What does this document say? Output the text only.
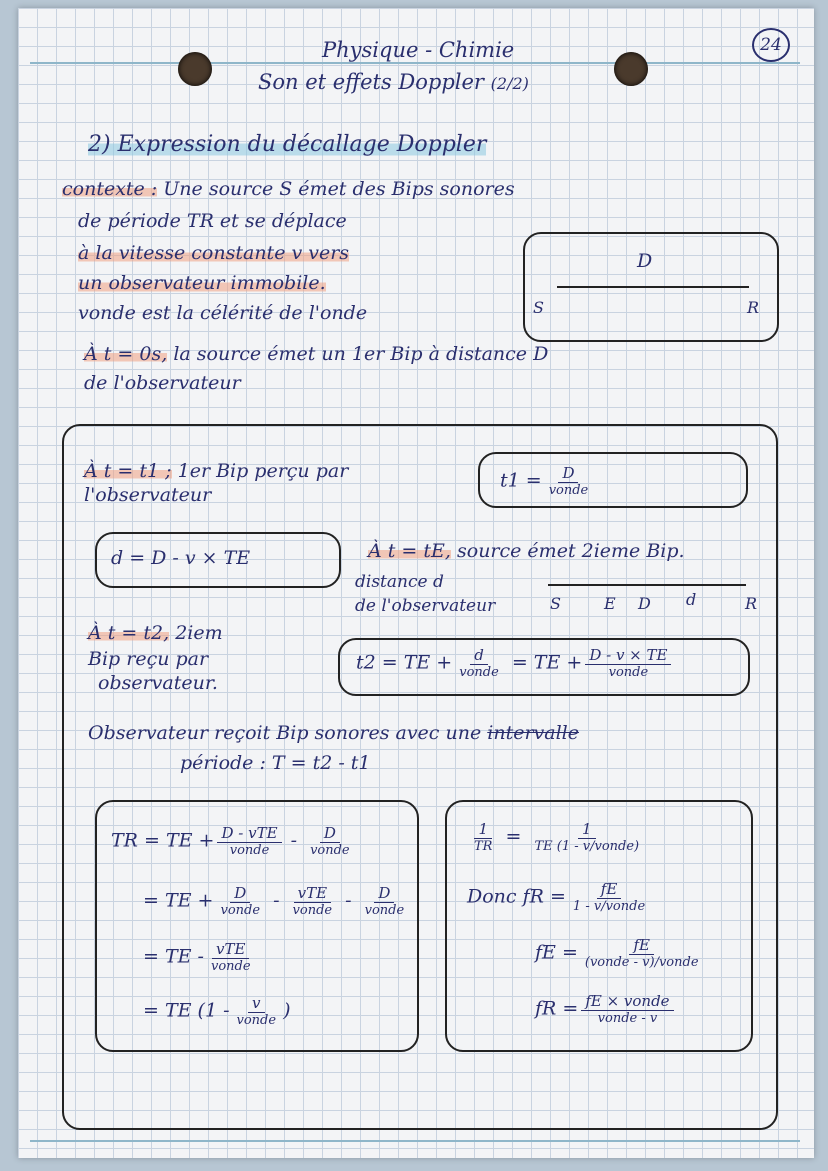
Physique - Chimie
Son et effets Doppler (2/2)
24
2) Expression du décallage Doppler
contexte : Une source S émet des Bips sonores
de période TR et se déplace
à la vitesse constante v vers
un observateur immobile.
vonde est la célérité de l'onde
D
S	R
À t = 0s, la source émet un 1er Bip à distance D
de l'observateur
À t = t1 ; 1er Bip perçu par
l'observateur
$t1 = \frac{D}{\text{vonde}}$
d = D - v × TE	À t = tE, source émet 2ieme Bip.
distance d
de l'observateur	S	E D d	R
À t = t2, 2iem
Bip reçu par
observateur.
t2 = TE + $\frac{d}{\text{vonde}}$ = TE + $\frac{D - v \times TE}{\text{vonde}}$
Observateur reçoit Bip sonores avec une intervalle
période : T = t2 - t1
TR = TE + $\frac{\text{D - vTE}}{\text{vonde}} - \frac{D}{\text{vonde}}$
= TE + $\frac{D}{\text{vonde}} - \frac{\text{vTE}}{\text{vonde}} - \frac{D}{\text{vonde}}$
= TE - $\frac{\text{vTE}}{\text{vonde}}$
= TE ($1 - \frac{v}{\text{vonde}}$ )
$\frac{1}{TR} = \frac{1}{\text{TE (1 - v/vonde)}}$
Donc fR = $\frac{fE}{\text{1 - v/vonde}}$
fE = $\frac{fE}{\text{(vonde - v)/vonde}}$
fR = $\frac{\text{fE × vonde}}{\text{vonde - v}}$
